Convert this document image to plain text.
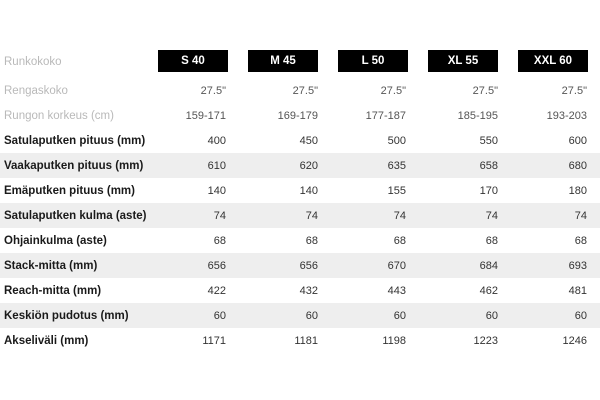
Runkokoko	S 40	M 45	L 50	XL 55	XXL 60
Rengaskoko	27.5"	27.5"	27.5"	27.5"	27.5"
Rungon korkeus (cm)	159-171	169-179	177-187	185-195	193-203
Satulaputken pituus (mm)	400	450	500	550	600
Vaakaputken pituus (mm)	610	620	635	658	680
Emäputken pituus (mm)	140	140	155	170	180
Satulaputken kulma (aste)	74	74	74	74	74
Ohjainkulma (aste)	68	68	68	68	68
Stack-mitta (mm)	656	656	670	684	693
Reach-mitta (mm)	422	432	443	462	481
Keskiön pudotus (mm)	60	60	60	60	60
Akseliväli (mm)	1171	1181	1198	1223	1246
